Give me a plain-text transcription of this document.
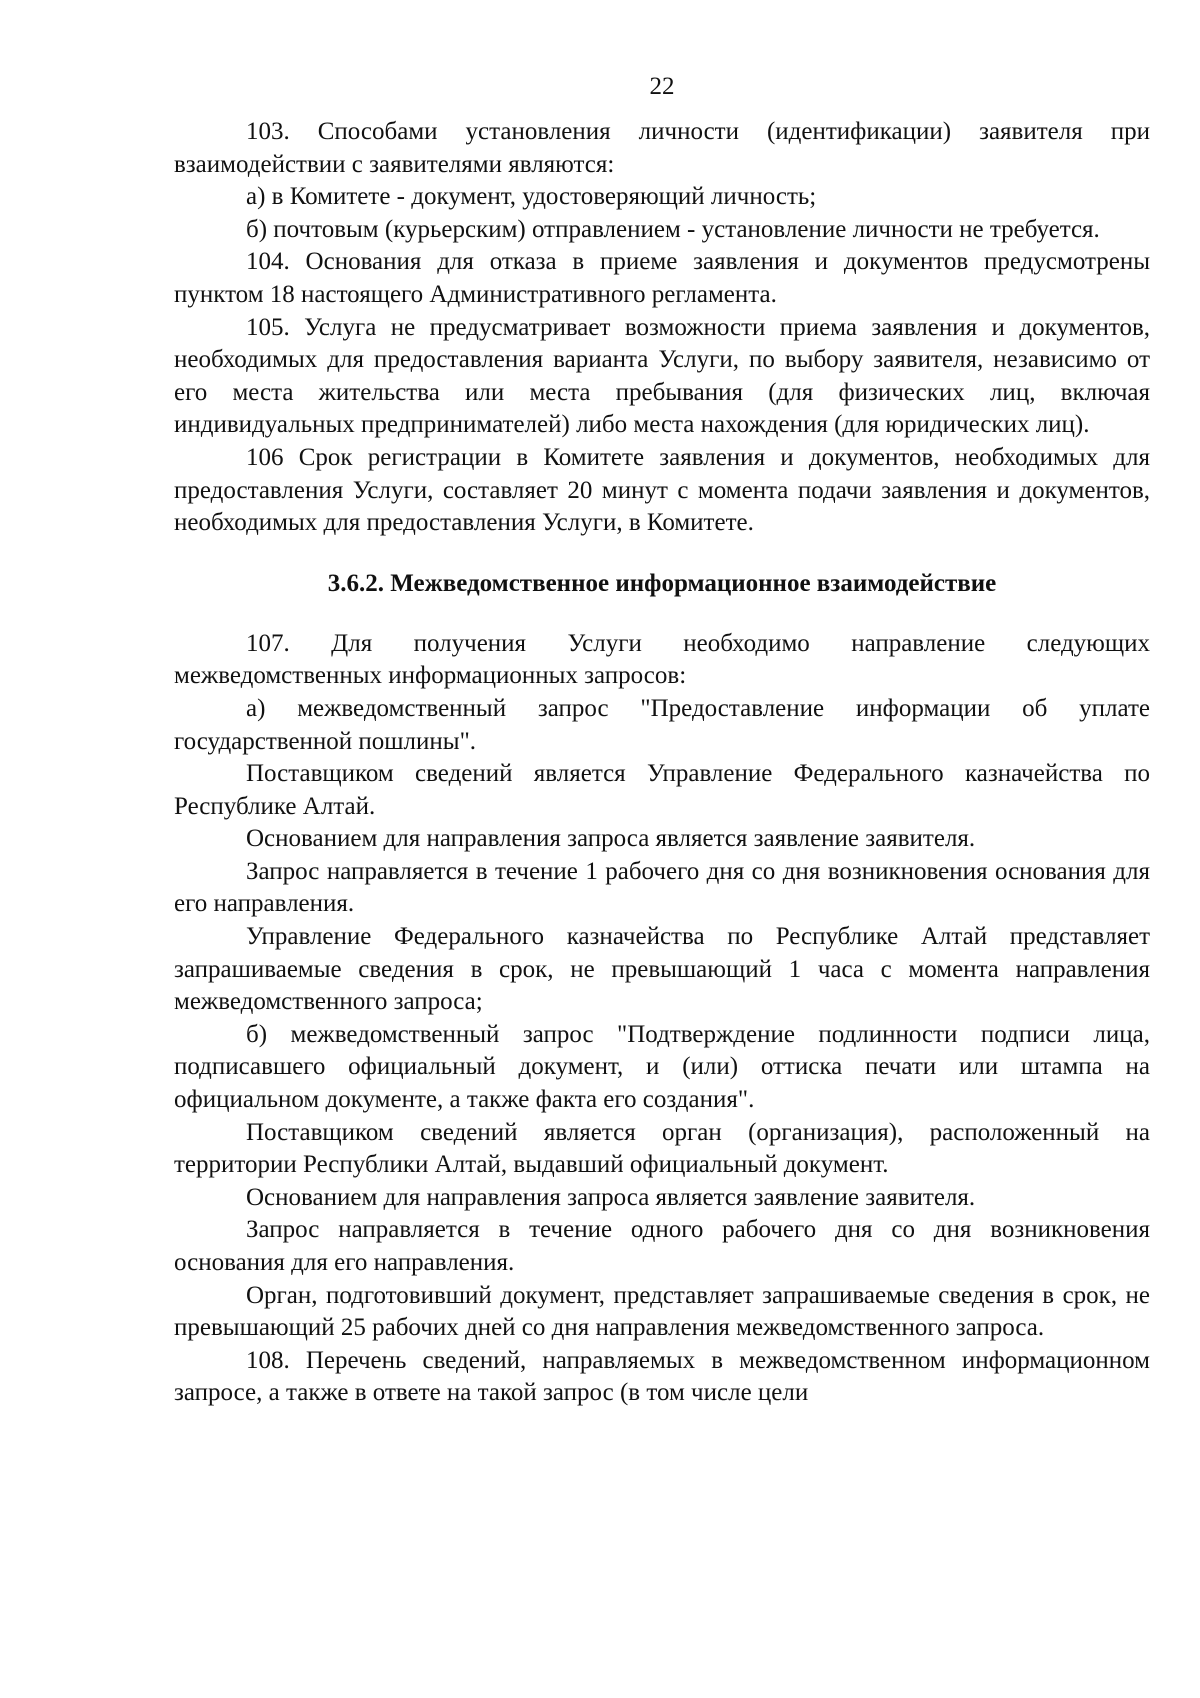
22

103. Способами установления личности (идентификации) заявителя при взаимодействии с заявителями являются:

а) в Комитете - документ, удостоверяющий личность;

б) почтовым (курьерским) отправлением - установление личности не требуется.

104. Основания для отказа в приеме заявления и документов предусмотрены пунктом 18 настоящего Административного регламента.

105. Услуга не предусматривает возможности приема заявления и документов, необходимых для предоставления варианта Услуги, по выбору заявителя, независимо от его места жительства или места пребывания (для физических лиц, включая индивидуальных предпринимателей) либо места нахождения (для юридических лиц).

106 Срок регистрации в Комитете заявления и документов, необходимых для предоставления Услуги, составляет 20 минут с момента подачи заявления и документов, необходимых для предоставления Услуги, в Комитете.

3.6.2. Межведомственное информационное взаимодействие

107. Для получения Услуги необходимо направление следующих межведомственных информационных запросов:

а) межведомственный запрос "Предоставление информации об уплате государственной пошлины".

Поставщиком сведений является Управление Федерального казначейства по Республике Алтай.

Основанием для направления запроса является заявление заявителя.

Запрос направляется в течение 1 рабочего дня со дня возникновения основания для его направления.

Управление Федерального казначейства по Республике Алтай представляет запрашиваемые сведения в срок, не превышающий 1 часа с момента направления межведомственного запроса;

б) межведомственный запрос "Подтверждение подлинности подписи лица, подписавшего официальный документ, и (или) оттиска печати или штампа на официальном документе, а также факта его создания".

Поставщиком сведений является орган (организация), расположенный на территории Республики Алтай, выдавший официальный документ.

Основанием для направления запроса является заявление заявителя.

Запрос направляется в течение одного рабочего дня со дня возникновения основания для его направления.

Орган, подготовивший документ, представляет запрашиваемые сведения в срок, не превышающий 25 рабочих дней со дня направления межведомственного запроса.

108. Перечень сведений, направляемых в межведомственном информационном запросе, а также в ответе на такой запрос (в том числе цели
